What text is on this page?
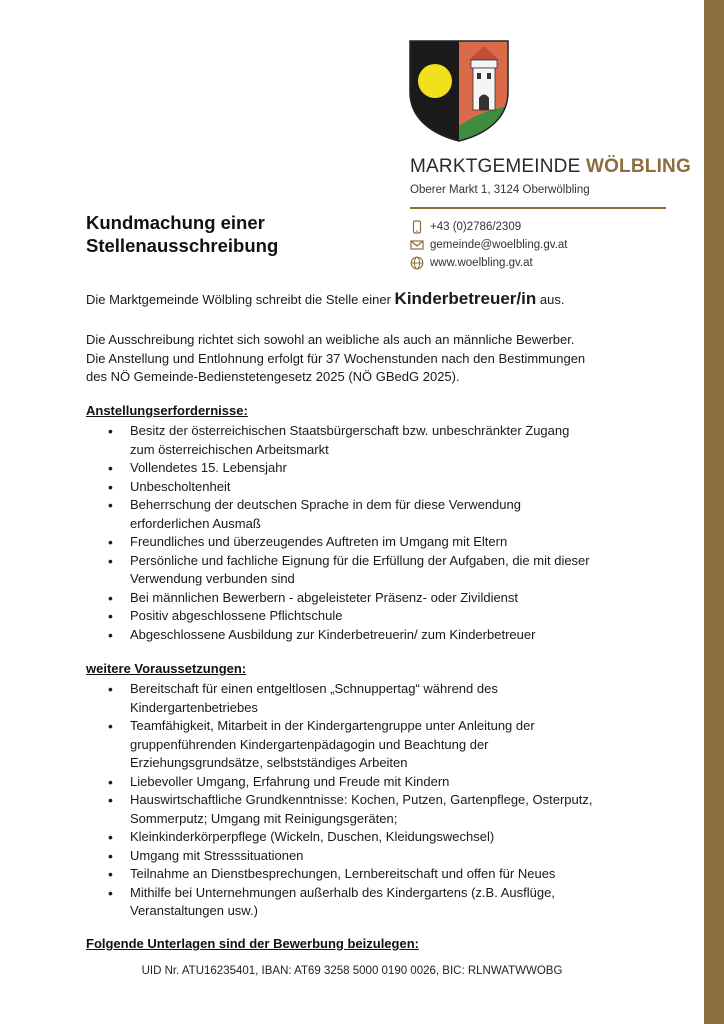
MARKTGEMEINDE WÖLBLING
Oberer Markt 1, 3124 Oberwölbling
+43 (0)2786/2309
gemeinde@woelbling.gv.at
www.woelbling.gv.at
Kundmachung einer
Stellenausschreibung
Die Marktgemeinde Wölbling schreibt die Stelle einer Kinderbetreuer/in aus.
Die Ausschreibung richtet sich sowohl an weibliche als auch an männliche Bewerber.
Die Anstellung und Entlohnung erfolgt für 37 Wochenstunden nach den Bestimmungen
des NÖ Gemeinde-Bedienstetengesetz 2025 (NÖ GBedG 2025).
Anstellungserfordernisse:
• Besitz der österreichischen Staatsbürgerschaft bzw. unbeschränkter Zugang
zum österreichischen Arbeitsmarkt
• Vollendetes 15. Lebensjahr
• Unbescholtenheit
• Beherrschung der deutschen Sprache in dem für diese Verwendung
erforderlichen Ausmaß
• Freundliches und überzeugendes Auftreten im Umgang mit Eltern
• Persönliche und fachliche Eignung für die Erfüllung der Aufgaben, die mit dieser
Verwendung verbunden sind
• Bei männlichen Bewerbern - abgeleisteter Präsenz- oder Zivildienst
• Positiv abgeschlossene Pflichtschule
• Abgeschlossene Ausbildung zur Kinderbetreuerin/ zum Kinderbetreuer
weitere Voraussetzungen:
• Bereitschaft für einen entgeltlosen „Schnuppertag“ während des
Kindergartenbetriebes
• Teamfähigkeit, Mitarbeit in der Kindergartengruppe unter Anleitung der
gruppenführenden Kindergartenpädagogin und Beachtung der
Erziehungsgrundsätze, selbstständiges Arbeiten
• Liebevoller Umgang, Erfahrung und Freude mit Kindern
• Hauswirtschaftliche Grundkenntnisse: Kochen, Putzen, Gartenpflege, Osterputz,
Sommerputz; Umgang mit Reinigungsgeräten;
• Kleinkinderkörperpflege (Wickeln, Duschen, Kleidungswechsel)
• Umgang mit Stresssituationen
• Teilnahme an Dienstbesprechungen, Lernbereitschaft und offen für Neues
• Mithilfe bei Unternehmungen außerhalb des Kindergartens (z.B. Ausflüge,
Veranstaltungen usw.)
Folgende Unterlagen sind der Bewerbung beizulegen:
UID Nr. ATU16235401, IBAN: AT69 3258 5000 0190 0026, BIC: RLNWATWWOBG
